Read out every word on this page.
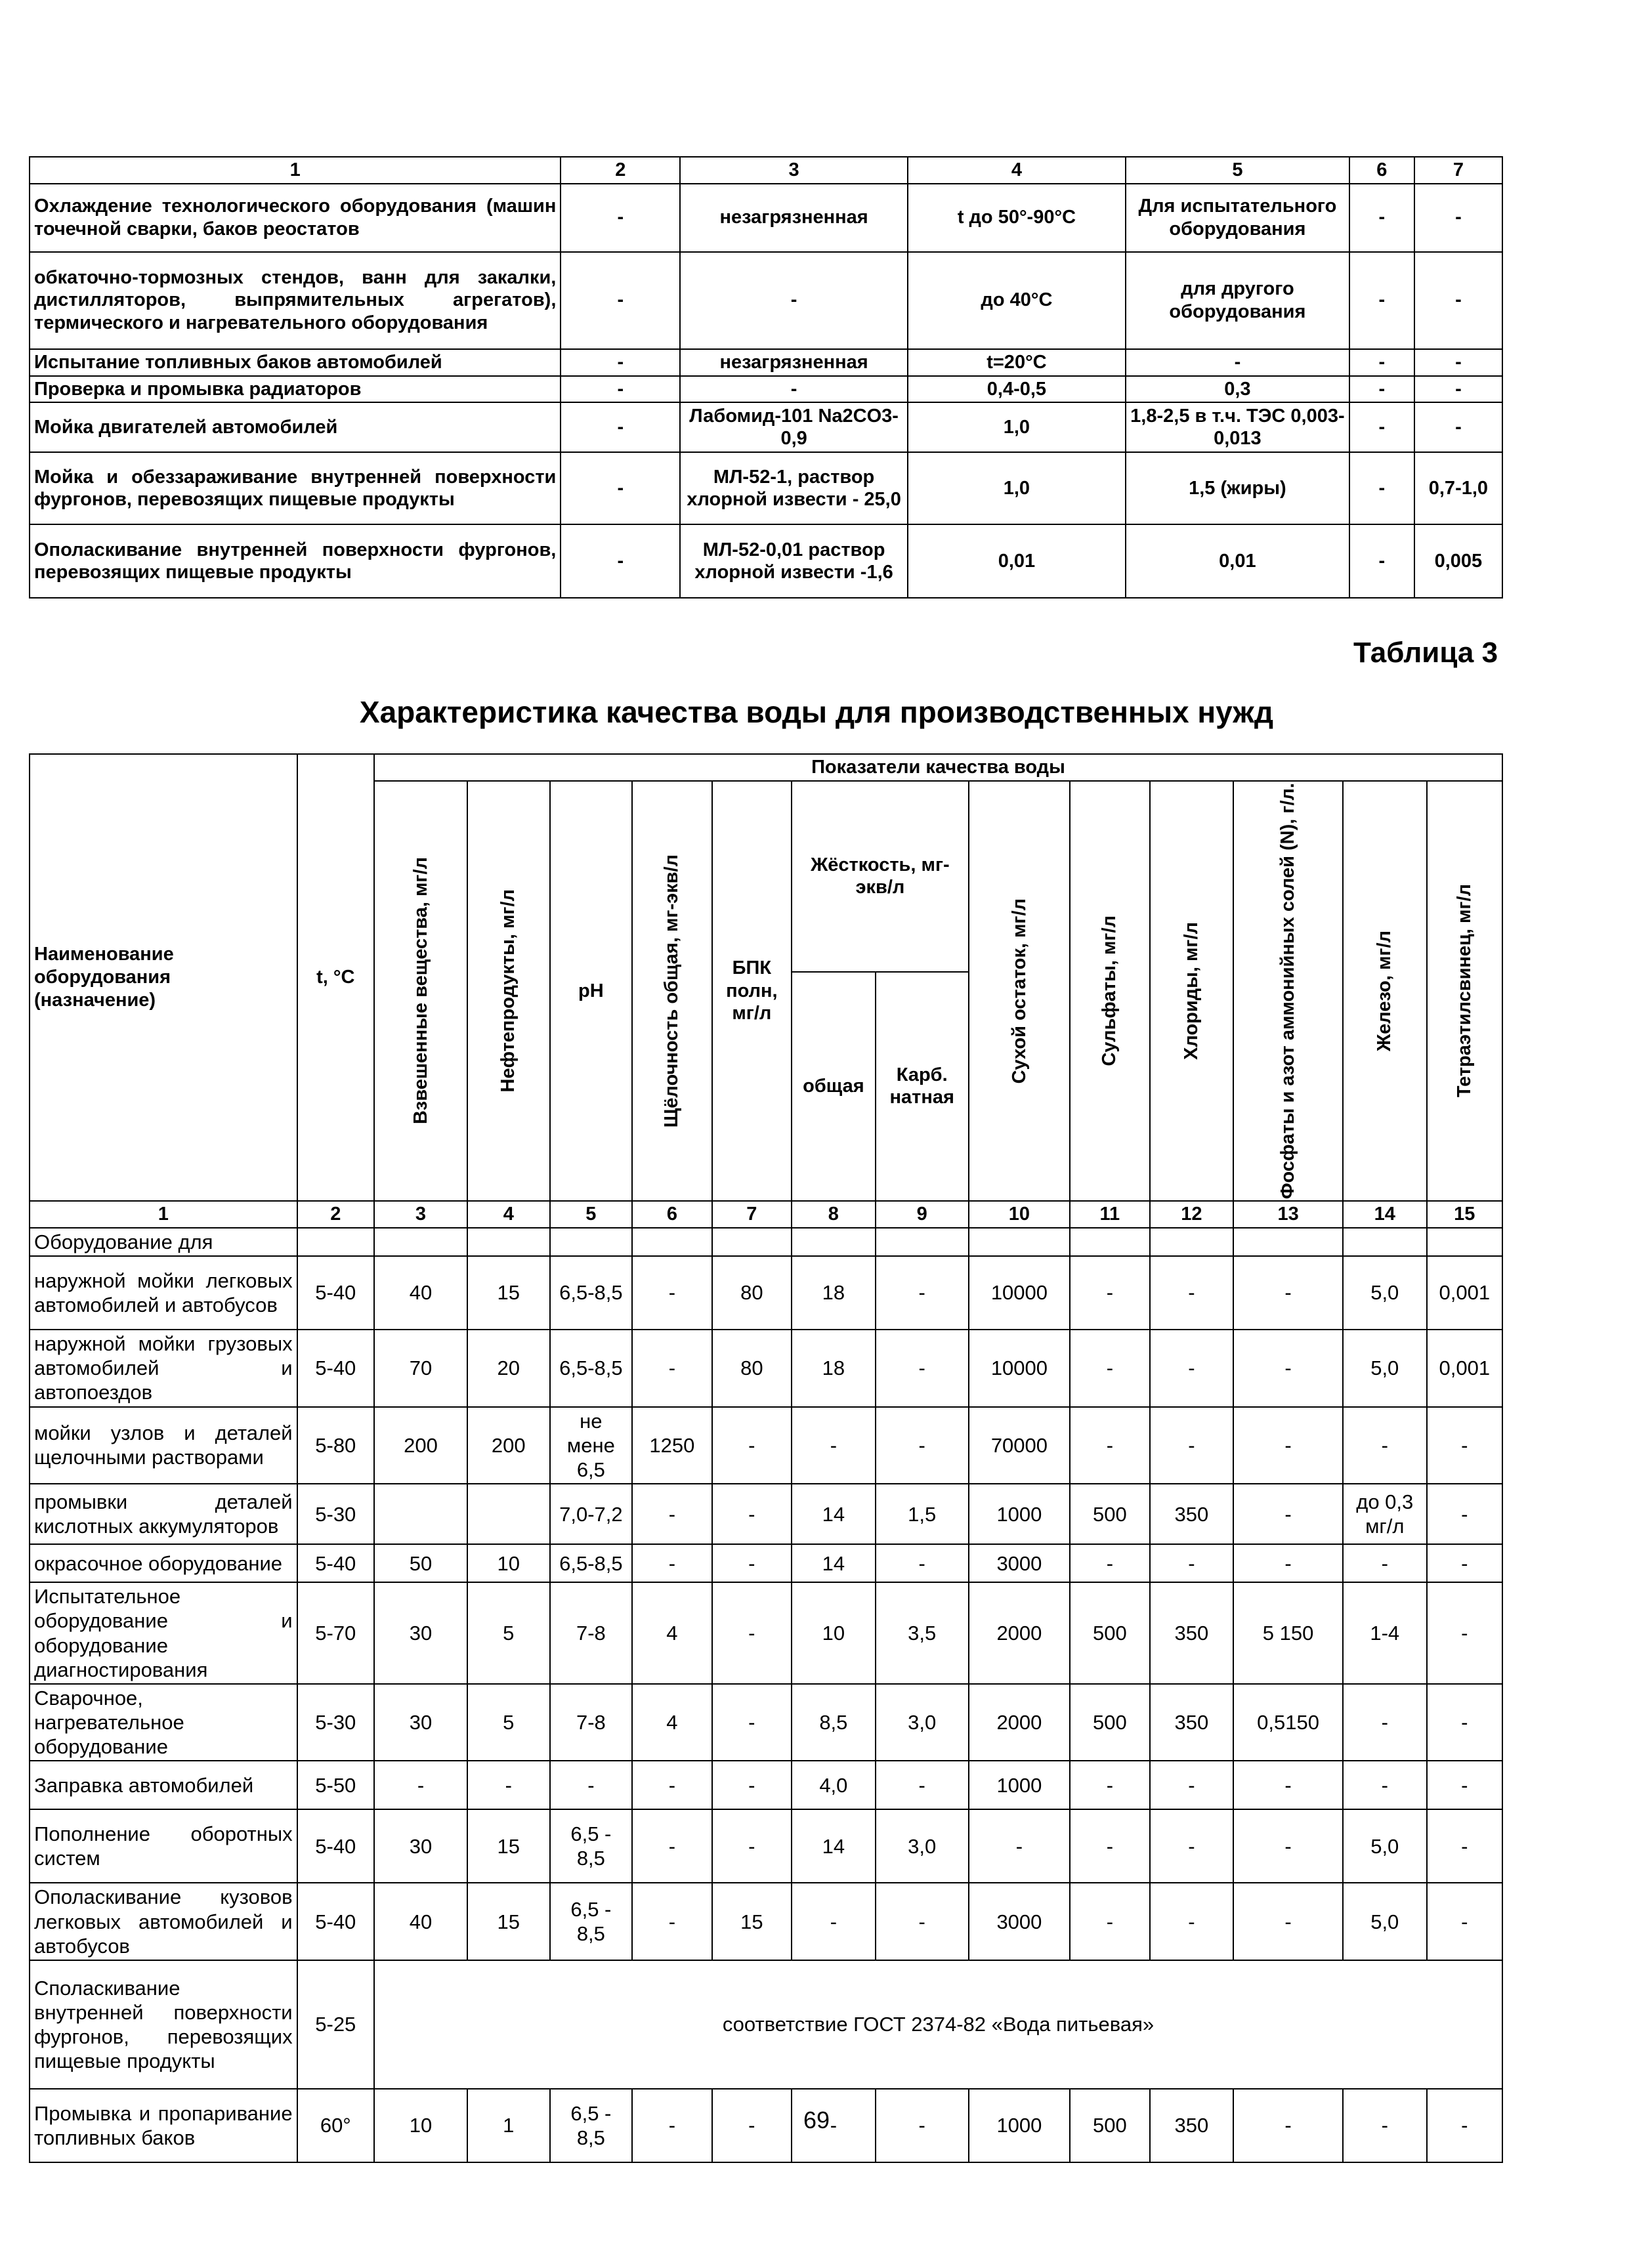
1	2	3	4	5	6	7
Охлаждение технологического оборудования (машин точечной сварки, баков реостатов	-	незагрязненная	t до 50°-90°С	Для испытательного оборудования	-	-
обкаточно-тормозных стендов, ванн для закалки, дистилляторов, выпрямительных агрегатов), термического и нагревательного оборудования	-	-	до 40°С	для другого оборудования	-	-
Испытание топливных баков автомобилей	-	незагрязненная	t=20°С	-	-	-
Проверка и промывка радиаторов	-	-	0,4-0,5	0,3	-	-
Мойка двигателей автомобилей	-	Лабомид-101 Na2CO3-0,9	1,0	1,8-2,5 в т.ч. ТЭС 0,003-0,013	-	-
Мойка и обеззараживание внутренней поверхности фургонов, перевозящих пищевые продукты	-	МЛ-52-1, раствор хлорной извести - 25,0	1,0	1,5 (жиры)	-	0,7-1,0
Ополаскивание внутренней поверхности фургонов, перевозящих пищевые продукты	-	МЛ-52-0,01 раствор хлорной извести -1,6	0,01	0,01	-	0,005
Таблица 3
Характеристика качества воды для производственных нужд
Наименование оборудования (назначение)	t, °С	Показатели качества воды												

		Взвешенные вещества, мг/л	Нефтепродукты, мг/л	pH	Щёлочность общая, мг-экв/л	БПК полн, мг/л	Жёсткость, мг- экв/л		Сухой остаток, мг/л	Сульфаты, мг/л	Хлориды, мг/л	Фосфаты и азот аммонийных солей (N), г/л.	Железо, мг/л	Тетраэтилсвинец, мг/л

							общая	Карб. натная						
1	2	3	4	5	6	7	8	9	10	11	12	13	14	15
Оборудование для														
наружной мойки легковых автомобилей и автобусов	5-40	40	15	6,5-8,5	-	80	18	-	10000	-	-	-	5,0	0,001
наружной мойки грузовых автомобилей и автопоездов	5-40	70	20	6,5-8,5	-	80	18	-	10000	-	-	-	5,0	0,001
мойки узлов и деталей щелочными растворами	5-80	200	200	не мене 6,5	1250	-	-	-	70000	-	-	-	-	-
промывки деталей кислотных аккумуляторов	5-30			7,0-7,2	-	-	14	1,5	1000	500	350	-	до 0,3 мг/л	-
окрасочное оборудование	5-40	50	10	6,5-8,5	-	-	14	-	3000	-	-	-	-	-
Испытательное оборудование и оборудование диагностирования	5-70	30	5	7-8	4	-	10	3,5	2000	500	350	5 150	1-4	-
Сварочное, нагревательное оборудование	5-30	30	5	7-8	4	-	8,5	3,0	2000	500	350	0,5150	-	-
Заправка автомобилей	5-50	-	-	-	-	-	4,0	-	1000	-	-	-	-	-
Пополнение оборотных систем	5-40	30	15	6,5 - 8,5	-	-	14	3,0	-	-	-	-	5,0	-
Ополаскивание кузовов легковых автомобилей и автобусов	5-40	40	15	6,5 - 8,5	-	15	-	-	3000	-	-	-	5,0	-
Споласкивание внутренней поверхности фургонов, перевозящих пищевые продукты	5-25	соответствие ГОСТ 2374-82 «Вода питьевая»												
Промывка и пропаривание топливных баков	60°	10	1	6,5 - 8,5	-	-	-	-	1000	500	350	-	-	-
69
